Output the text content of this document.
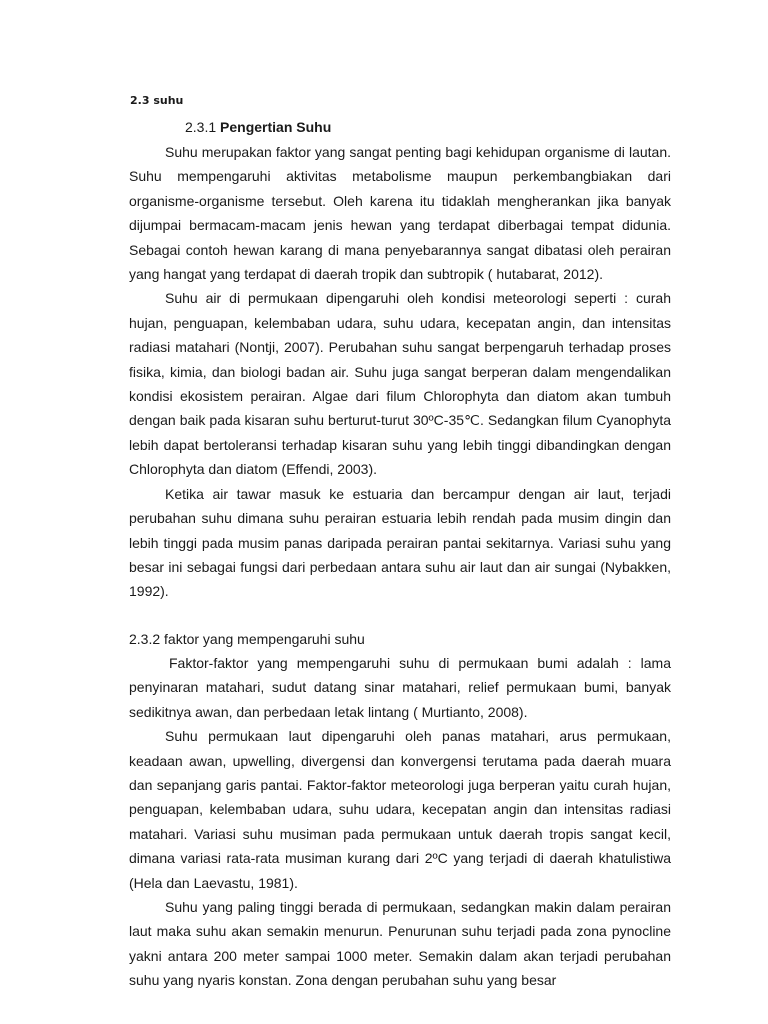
2.3 suhu
2.3.1 Pengertian Suhu

Suhu merupakan faktor yang sangat penting bagi kehidupan organisme di lautan. Suhu mempengaruhi aktivitas metabolisme maupun perkembangbiakan dari organisme-organisme tersebut. Oleh karena itu tidaklah mengherankan jika banyak dijumpai bermacam-macam jenis hewan yang terdapat diberbagai tempat didunia. Sebagai contoh hewan karang di mana penyebarannya sangat dibatasi oleh perairan yang hangat yang terdapat di daerah tropik dan subtropik ( hutabarat, 2012).

Suhu air di permukaan dipengaruhi oleh kondisi meteorologi seperti : curah hujan, penguapan, kelembaban udara, suhu udara, kecepatan angin, dan intensitas radiasi matahari (Nontji, 2007). Perubahan suhu sangat berpengaruh terhadap proses fisika, kimia, dan biologi badan air. Suhu juga sangat berperan dalam mengendalikan kondisi ekosistem perairan. Algae dari filum Chlorophyta dan diatom akan tumbuh dengan baik pada kisaran suhu berturut-turut 30ºC-35℃. Sedangkan filum Cyanophyta lebih dapat bertoleransi terhadap kisaran suhu yang lebih tinggi dibandingkan dengan Chlorophyta dan diatom (Effendi, 2003).

Ketika air tawar masuk ke estuaria dan bercampur dengan air laut, terjadi perubahan suhu dimana suhu perairan estuaria lebih rendah pada musim dingin dan lebih tinggi pada musim panas daripada perairan pantai sekitarnya. Variasi suhu yang besar ini sebagai fungsi dari perbedaan antara suhu air laut dan air sungai (Nybakken, 1992).

2.3.2 faktor yang mempengaruhi suhu

Faktor-faktor yang mempengaruhi suhu di permukaan bumi adalah : lama penyinaran matahari, sudut datang sinar matahari, relief permukaan bumi, banyak sedikitnya awan, dan perbedaan letak lintang ( Murtianto, 2008).

Suhu permukaan laut dipengaruhi oleh panas matahari, arus permukaan, keadaan awan, upwelling, divergensi dan konvergensi terutama pada daerah muara dan sepanjang garis pantai. Faktor-faktor meteorologi juga berperan yaitu curah hujan, penguapan, kelembaban udara, suhu udara, kecepatan angin dan intensitas radiasi matahari. Variasi suhu musiman pada permukaan untuk daerah tropis sangat kecil, dimana variasi rata-rata musiman kurang dari 2ºC yang terjadi di daerah khatulistiwa (Hela dan Laevastu, 1981).

Suhu yang paling tinggi berada di permukaan, sedangkan makin dalam perairan laut maka suhu akan semakin menurun. Penurunan suhu terjadi pada zona pynocline yakni antara 200 meter sampai 1000 meter. Semakin dalam akan terjadi perubahan suhu yang nyaris konstan. Zona dengan perubahan suhu yang besar
